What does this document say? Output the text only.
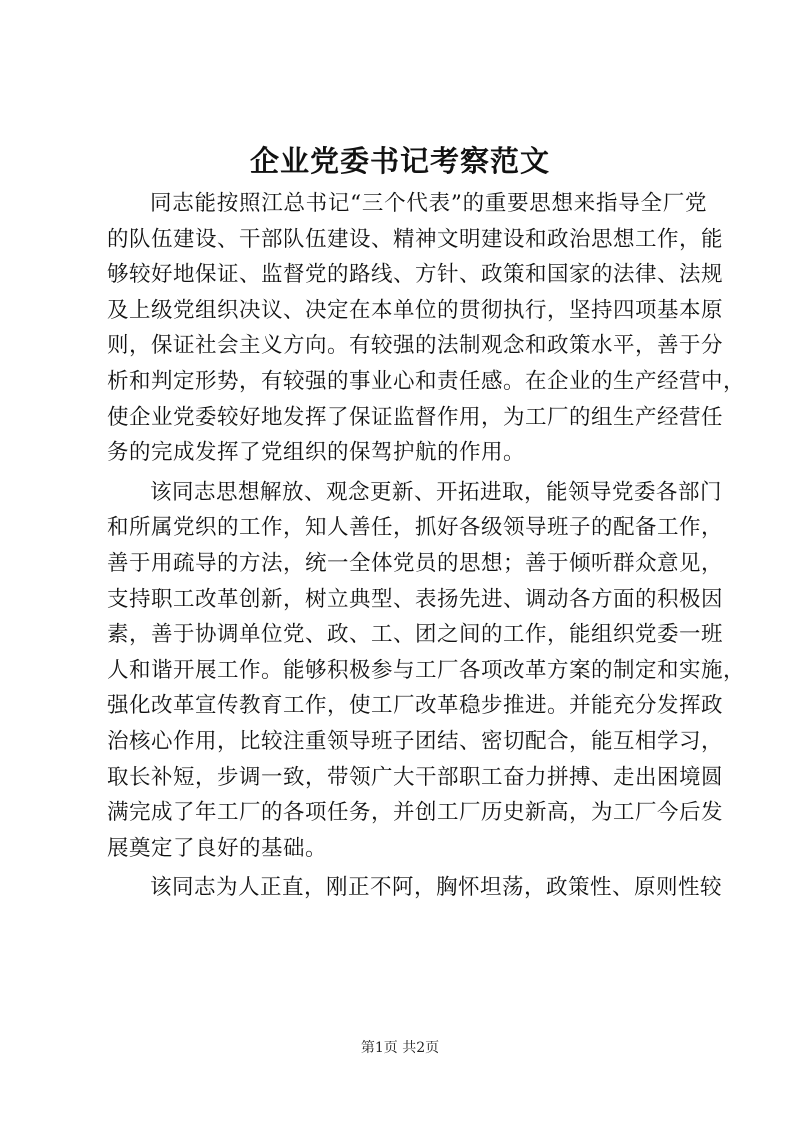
企业党委书记考察范文
同志能按照江总书记“三个代表”的重要思想来指导全厂党
的队伍建设、干部队伍建设、精神文明建设和政治思想工作，能
够较好地保证、监督党的路线、方针、政策和国家的法律、法规
及上级党组织决议、决定在本单位的贯彻执行，坚持四项基本原
则，保证社会主义方向。有较强的法制观念和政策水平，善于分
析和判定形势，有较强的事业心和责任感。在企业的生产经营中，
使企业党委较好地发挥了保证监督作用，为工厂的组生产经营任
务的完成发挥了党组织的保驾护航的作用。
该同志思想解放、观念更新、开拓进取，能领导党委各部门
和所属党织的工作，知人善任，抓好各级领导班子的配备工作，
善于用疏导的方法，统一全体党员的思想；善于倾听群众意见，
支持职工改革创新，树立典型、表扬先进、调动各方面的积极因
素，善于协调单位党、政、工、团之间的工作，能组织党委一班
人和谐开展工作。能够积极参与工厂各项改革方案的制定和实施，
强化改革宣传教育工作，使工厂改革稳步推进。并能充分发挥政
治核心作用，比较注重领导班子团结、密切配合，能互相学习，
取长补短，步调一致，带领广大干部职工奋力拼搏、走出困境圆
满完成了年工厂的各项任务，并创工厂历史新高，为工厂今后发
展奠定了良好的基础。
该同志为人正直，刚正不阿，胸怀坦荡，政策性、原则性较
第1页 共2页
